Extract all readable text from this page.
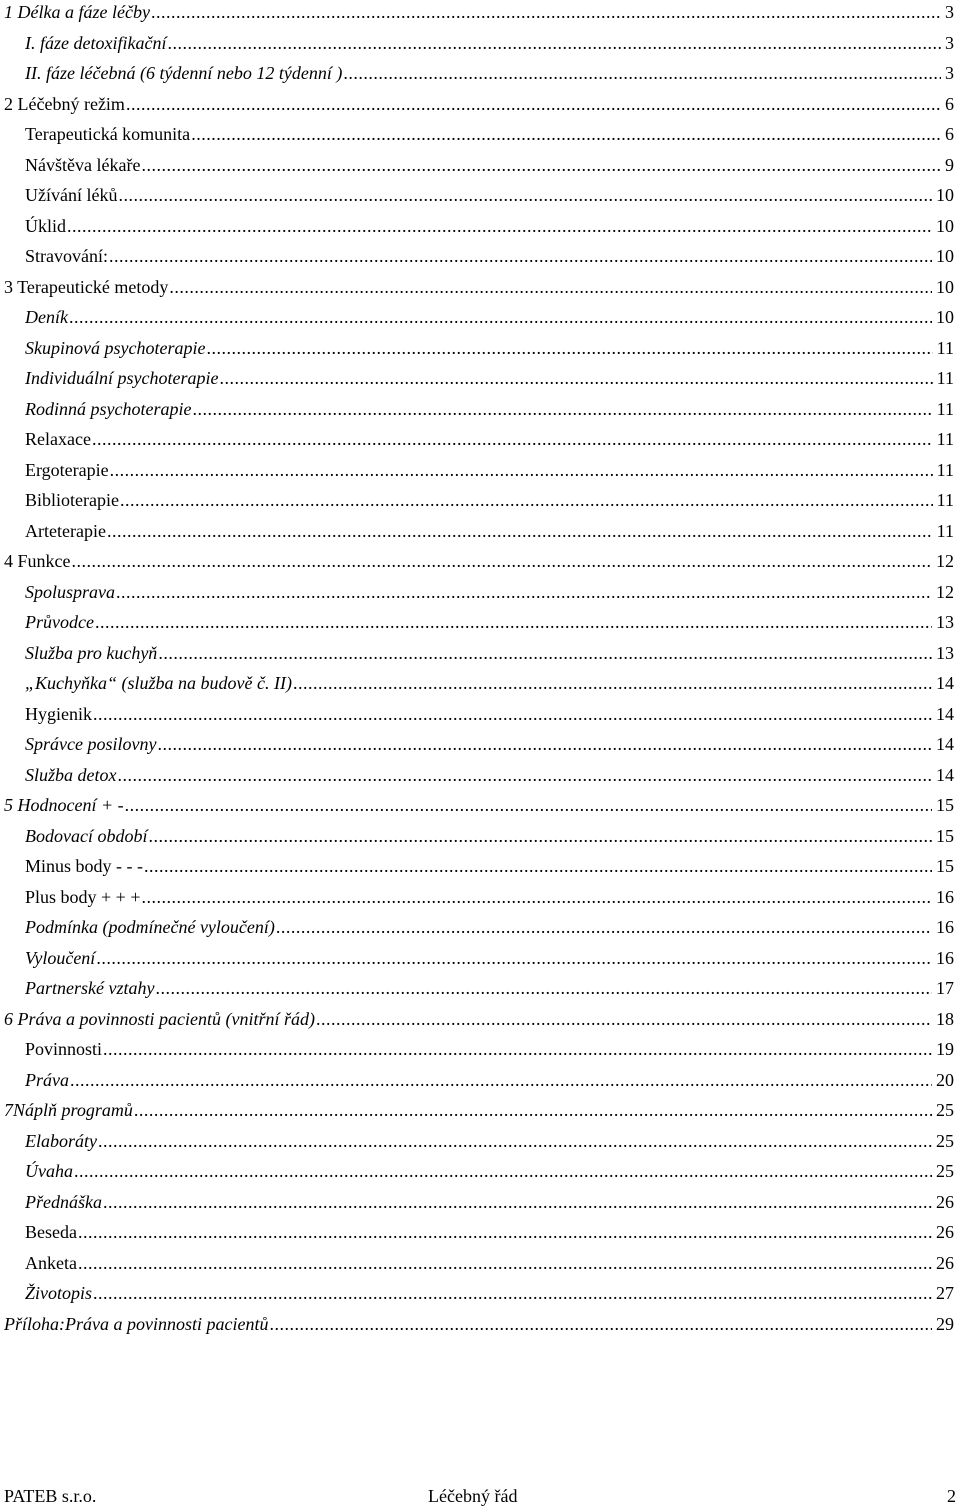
1 Délka a fáze léčby .....	3
I. fáze detoxifikační .....	3
II. fáze léčebná (6 týdenní nebo 12 týdenní ) .....	3
2 Léčebný režim .....	6
Terapeutická komunita .....	6
Návštěva lékaře .....	9
Užívání léků .....	10
Úklid .....	10
Stravování: .....	10
3 Terapeutické metody .....	10
Deník .....	10
Skupinová psychoterapie .....	11
Individuální psychoterapie .....	11
Rodinná psychoterapie .....	11
Relaxace .....	11
Ergoterapie .....	11
Biblioterapie .....	11
Arteterapie .....	11
4 Funkce .....	12
Spolusprava .....	12
Průvodce .....	13
Služba pro kuchyň .....	13
„Kuchyňka“ (služba na budově č. II) .....	14
Hygienik .....	14
Správce posilovny .....	14
Služba detox .....	14
5 Hodnocení + - .....	15
Bodovací období .....	15
Minus body - - - .....	15
Plus body + + + .....	16
Podmínka (podmínečné vyloučení) .....	16
Vyloučení .....	16
Partnerské vztahy .....	17
6 Práva a povinnosti pacientů (vnitřní řád) .....	18
Povinnosti .....	19
Práva .....	20
7Náplň programů .....	25
Elaboráty .....	25
Úvaha .....	25
Přednáška .....	26
Beseda .....	26
Anketa .....	26
Životopis .....	27
Příloha:Práva a povinnosti pacientů .....	29
PATEB s.r.o.	Léčebný řád	2
